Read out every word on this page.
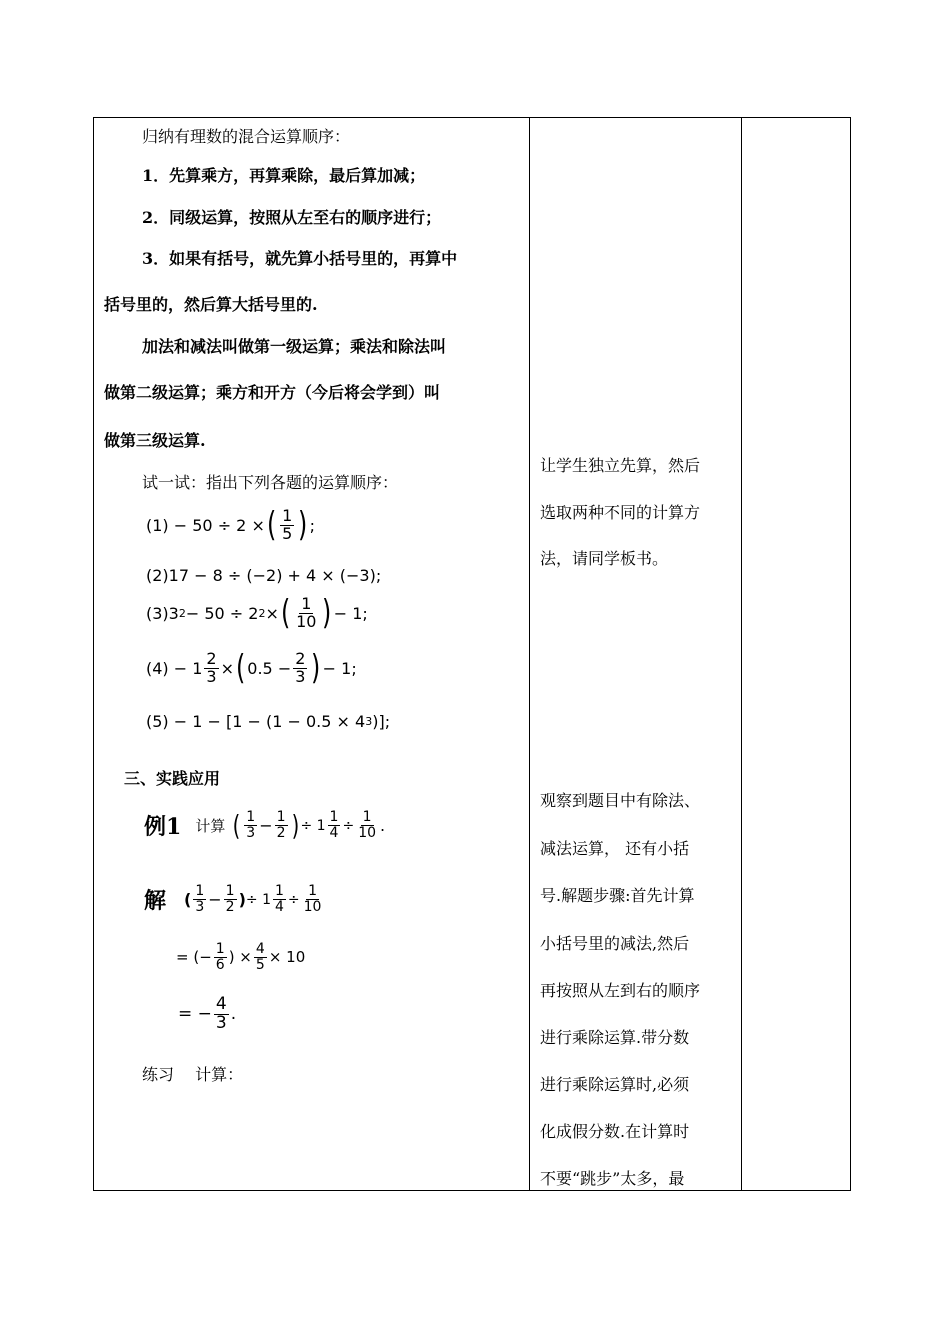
归纳有理数的混合运算顺序：
1．先算乘方，再算乘除，最后算加减；
2．同级运算，按照从左至右的顺序进行；
3．如果有括号，就先算小括号里的，再算中
括号里的，然后算大括号里的.
加法和减法叫做第一级运算；乘法和除法叫
做第二级运算；乘方和开方（今后将会学到）叫
做第三级运算.
试一试：指出下列各题的运算顺序：
(1) − 50 ÷ 2 × ( $\frac{1}{5}$ ) ;
(2)17 − 8 ÷ (−2) + 4 × (−3);
(3)3 2 − 50 ÷ 2 2 × ( $\frac{1}{10}$ ) − 1;
$(4) - 1 \frac{2}{3}$ × ( $0.5 - \frac{2}{3}$ ) − 1;
(5) − 1 − [1 − (1 − 0.5 × 4 3 )];
三、实践应用
例1 计算 ( $\frac{1}{3} - \frac{1}{2}$ ) ÷ $1 \frac{1}{4} \div \frac{1}{10}$ .
解 ( $\frac{1}{3} - \frac{1}{2}$ ) ÷ $1 \frac{1}{4} \div \frac{1}{10}$
= (− $\frac{1}{6}$ ) × $\frac{4}{5} \times 10$
= − $\frac{4}{3}$ .
练习　 计算：
让学生独立先算，然后
选取两种不同的计算方
法，请同学板书。
观察到题目中有除法、
减法运算， 还有小括
号.解题步骤:首先计算
小括号里的减法,然后
再按照从左到右的顺序
进行乘除运算.带分数
进行乘除运算时,必须
化成假分数.在计算时
不要“跳步”太多，最
